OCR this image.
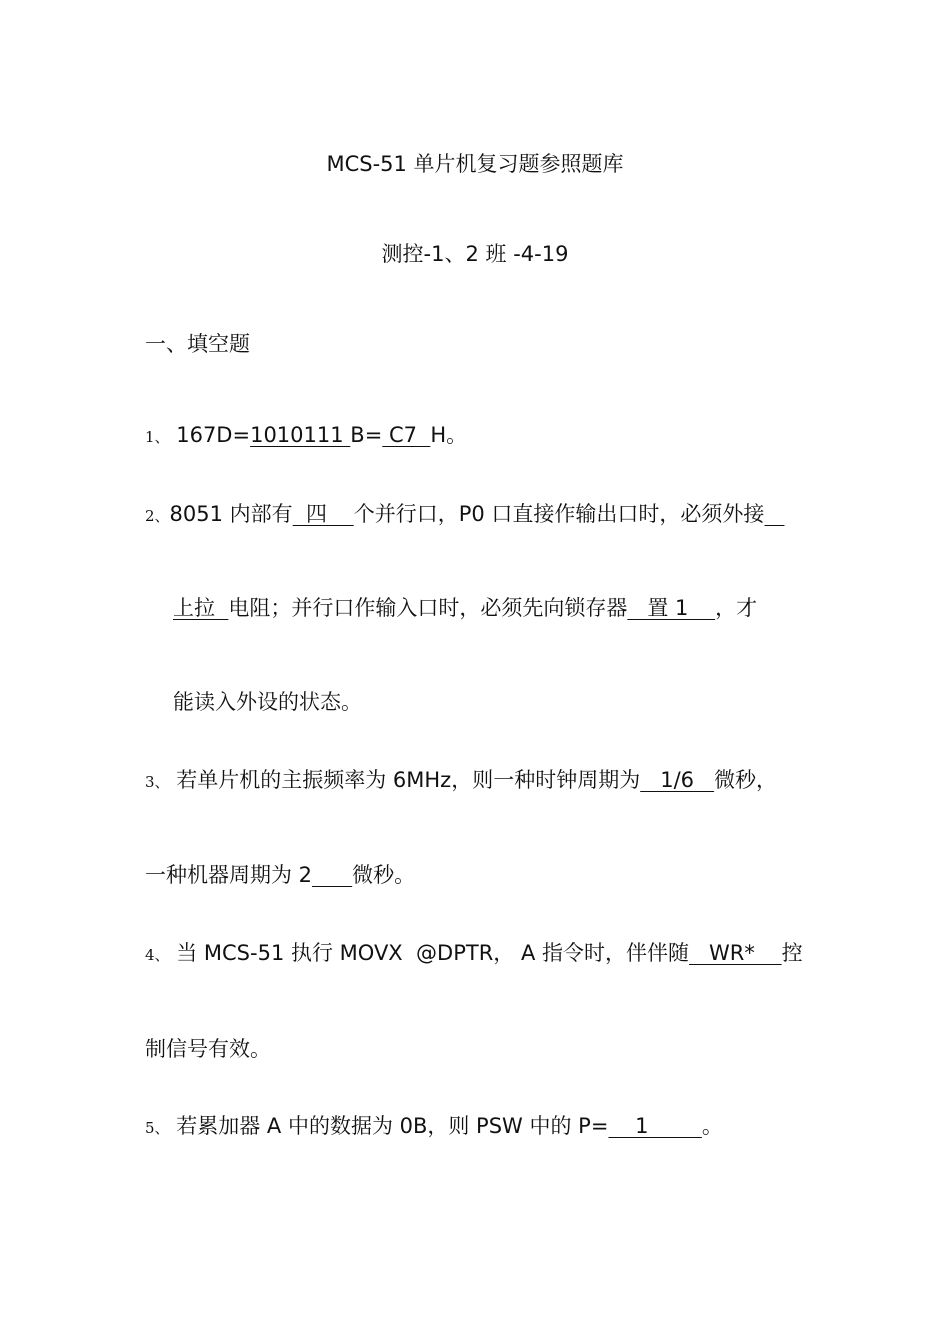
MCS-51 单片机复习题参照题库
测控-1、2 班 -4-19
一、填空题
1、 167D=1010111 B= C7  H。
2、8051 内部有  四    个并行口，P0 口直接作输出口时，必须外接
上拉  电阻；并行口作输入口时，必须先向锁存器   置 1    ，才
能读入外设的状态。
3、 若单片机的主振频率为 6MHz，则一种时钟周期为   1/6   微秒，
一种机器周期为 2 微秒。
4、 当 MCS-51 执行 MOVX  @DPTR， A 指令时，伴伴随   WR*    控
制信号有效。
5、 若累加器 A 中的数据为 0B，则 PSW 中的 P=    1        。
